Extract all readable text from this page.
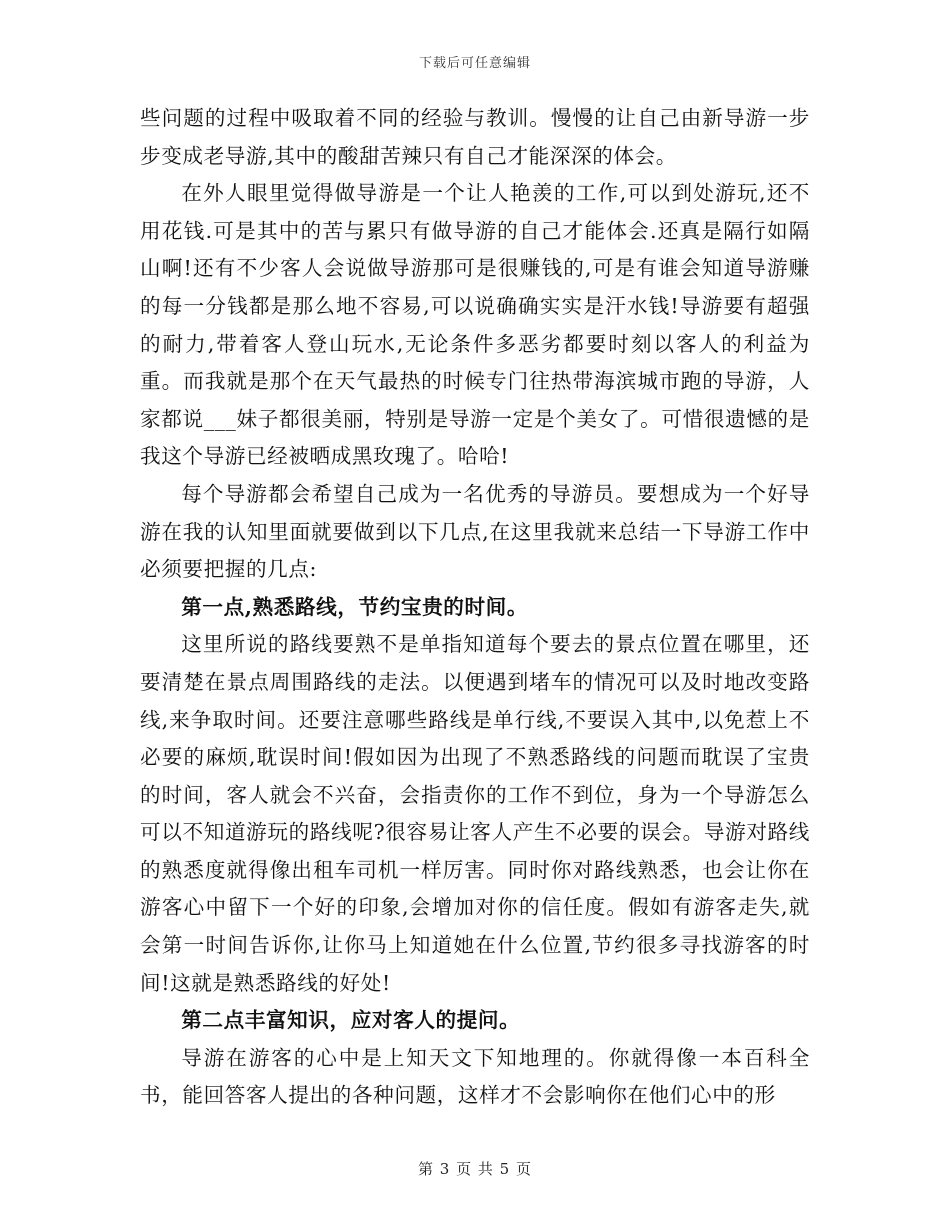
下载后可任意编辑

些问题的过程中吸取着不同的经验与教训。慢慢的让自己由新导游一步步变成老导游,其中的酸甜苦辣只有自己才能深深的体会。

在外人眼里觉得做导游是一个让人艳羡的工作,可以到处游玩,还不用花钱.可是其中的苦与累只有做导游的自己才能体会.还真是隔行如隔山啊!还有不少客人会说做导游那可是很赚钱的,可是有谁会知道导游赚的每一分钱都是那么地不容易,可以说确确实实是汗水钱!导游要有超强的耐力,带着客人登山玩水,无论条件多恶劣都要时刻以客人的利益为重。而我就是那个在天气最热的时候专门往热带海滨城市跑的导游，人家都说___妹子都很美丽，特别是导游一定是个美女了。可惜很遗憾的是我这个导游已经被晒成黑玫瑰了。哈哈!

每个导游都会希望自己成为一名优秀的导游员。要想成为一个好导游在我的认知里面就要做到以下几点,在这里我就来总结一下导游工作中必须要把握的几点:

第一点,熟悉路线，节约宝贵的时间。

这里所说的路线要熟不是单指知道每个要去的景点位置在哪里，还要清楚在景点周围路线的走法。以便遇到堵车的情况可以及时地改变路线,来争取时间。还要注意哪些路线是单行线,不要误入其中,以免惹上不必要的麻烦,耽误时间!假如因为出现了不熟悉路线的问题而耽误了宝贵的时间，客人就会不兴奋，会指责你的工作不到位，身为一个导游怎么可以不知道游玩的路线呢?很容易让客人产生不必要的误会。导游对路线的熟悉度就得像出租车司机一样厉害。同时你对路线熟悉，也会让你在游客心中留下一个好的印象,会增加对你的信任度。假如有游客走失,就会第一时间告诉你,让你马上知道她在什么位置,节约很多寻找游客的时间!这就是熟悉路线的好处!

第二点丰富知识，应对客人的提问。

导游在游客的心中是上知天文下知地理的。你就得像一本百科全书，能回答客人提出的各种问题，这样才不会影响你在他们心中的形

第 3 页 共 5 页
